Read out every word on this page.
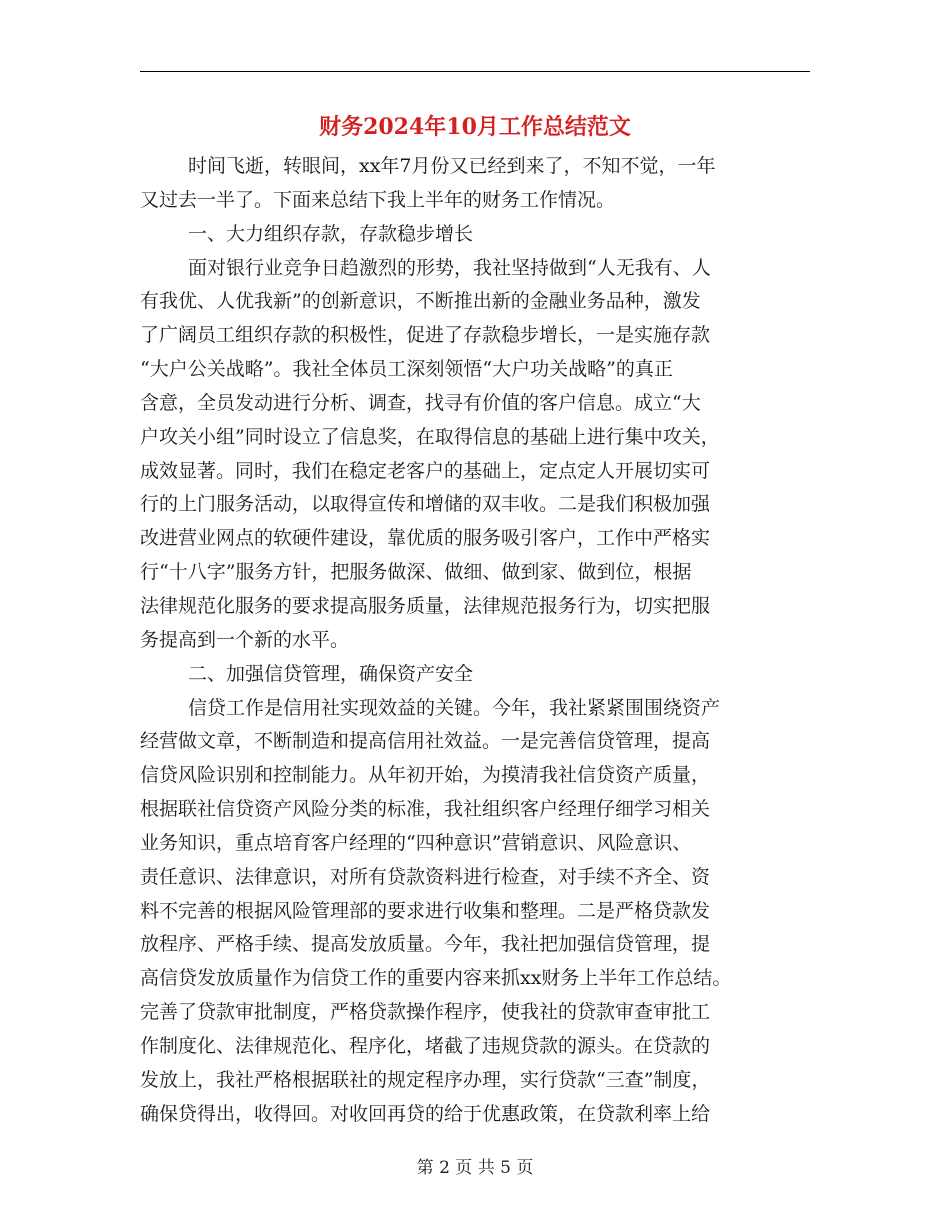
财务2024年10月工作总结范文
时间飞逝，转眼间，xx年7月份又已经到来了，不知不觉，一年
又过去一半了。下面来总结下我上半年的财务工作情况。
一、大力组织存款，存款稳步增长
面对银行业竞争日趋激烈的形势，我社坚持做到“人无我有、人
有我优、人优我新”的创新意识，不断推出新的金融业务品种，激发
了广阔员工组织存款的积极性，促进了存款稳步增长，一是实施存款
“大户公关战略”。我社全体员工深刻领悟“大户功关战略”的真正
含意，全员发动进行分析、调查，找寻有价值的客户信息。成立“大
户攻关小组”同时设立了信息奖，在取得信息的基础上进行集中攻关，
成效显著。同时，我们在稳定老客户的基础上，定点定人开展切实可
行的上门服务活动，以取得宣传和增储的双丰收。二是我们积极加强
改进营业网点的软硬件建设，靠优质的服务吸引客户，工作中严格实
行“十八字”服务方针，把服务做深、做细、做到家、做到位，根据
法律规范化服务的要求提高服务质量，法律规范报务行为，切实把服
务提高到一个新的水平。
二、加强信贷管理，确保资产安全
信贷工作是信用社实现效益的关键。今年，我社紧紧围围绕资产
经营做文章，不断制造和提高信用社效益。一是完善信贷管理，提高
信贷风险识别和控制能力。从年初开始，为摸清我社信贷资产质量，
根据联社信贷资产风险分类的标准，我社组织客户经理仔细学习相关
业务知识，重点培育客户经理的“四种意识”营销意识、风险意识、
责任意识、法律意识，对所有贷款资料进行检查，对手续不齐全、资
料不完善的根据风险管理部的要求进行收集和整理。二是严格贷款发
放程序、严格手续、提高发放质量。今年，我社把加强信贷管理，提
高信贷发放质量作为信贷工作的重要内容来抓xx财务上半年工作总结。
完善了贷款审批制度，严格贷款操作程序，使我社的贷款审查审批工
作制度化、法律规范化、程序化，堵截了违规贷款的源头。在贷款的
发放上，我社严格根据联社的规定程序办理，实行贷款“三查”制度，
确保贷得出，收得回。对收回再贷的给于优惠政策，在贷款利率上给
第 2 页 共 5 页
